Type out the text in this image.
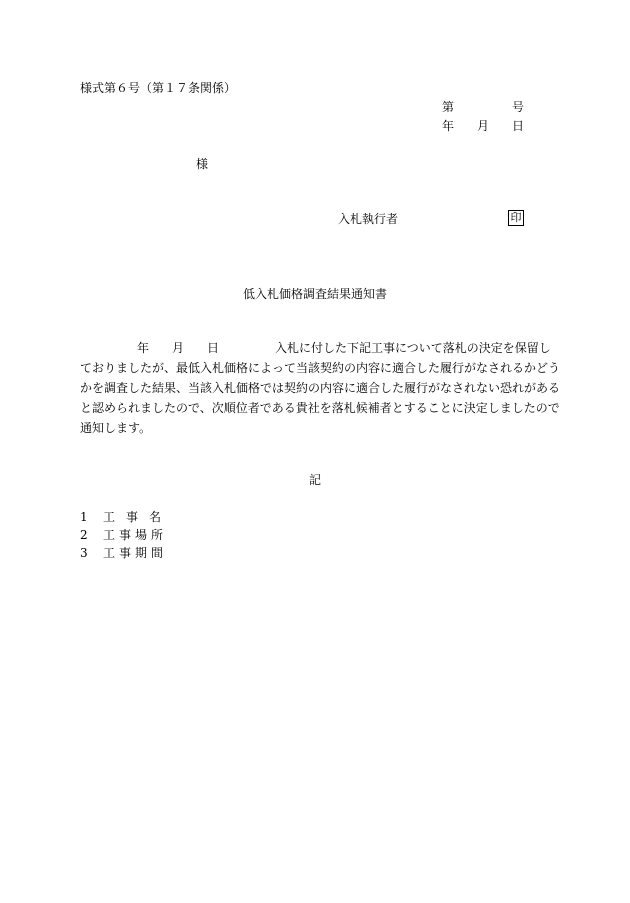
様式第６号（第１７条関係）
第	号
年 月 日
様
入札執行者	印
低入札価格調査結果通知書
年 月 日	入札に付した下記工事について落札の決定を保留し
ておりましたが、最低入札価格によって当該契約の内容に適合した履行がなされるかどう
かを調査した結果、当該入札価格では契約の内容に適合した履行がなされない恐れがある
と認められましたので、次順位者である貴社を落札候補者とすることに決定しましたので
通知します。
記
1 工事名
2 工事場所
3 工事期間
